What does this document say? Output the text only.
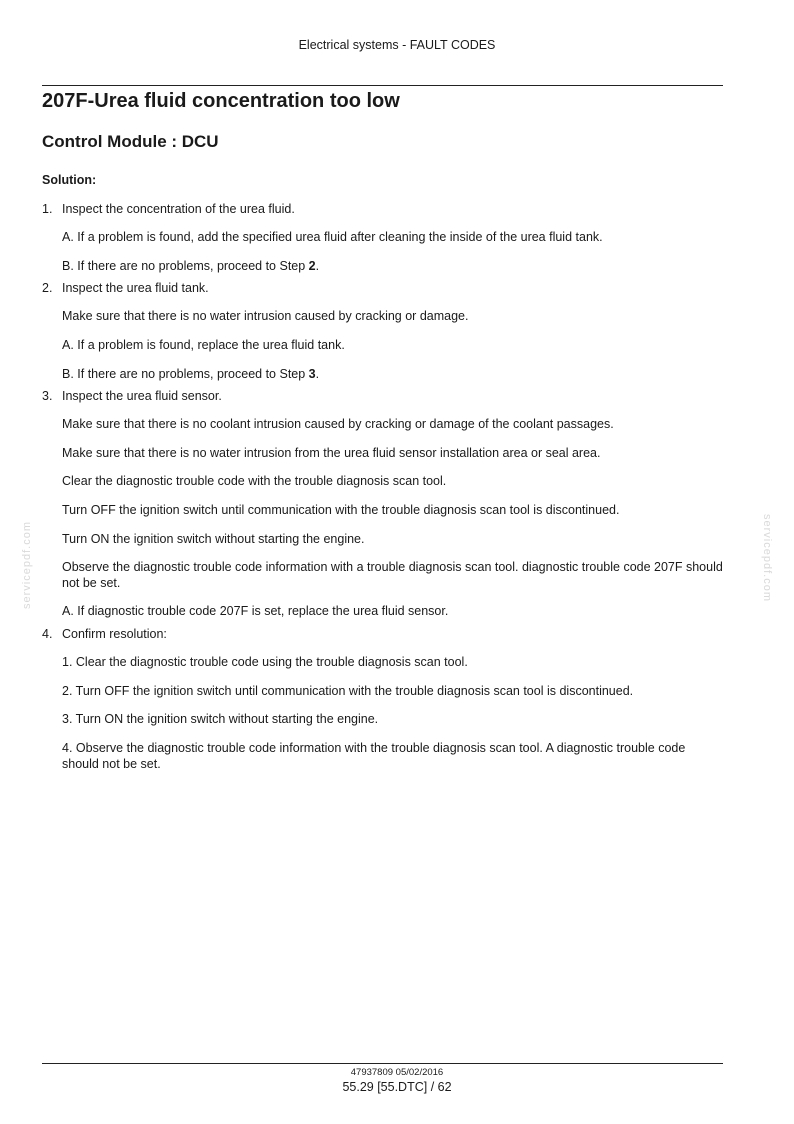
Electrical systems - FAULT CODES
207F-Urea fluid concentration too low
Control Module : DCU
Solution:
1. Inspect the concentration of the urea fluid.
A. If a problem is found, add the specified urea fluid after cleaning the inside of the urea fluid tank.
B. If there are no problems, proceed to Step 2.
2. Inspect the urea fluid tank.
Make sure that there is no water intrusion caused by cracking or damage.
A. If a problem is found, replace the urea fluid tank.
B. If there are no problems, proceed to Step 3.
3. Inspect the urea fluid sensor.
Make sure that there is no coolant intrusion caused by cracking or damage of the coolant passages.
Make sure that there is no water intrusion from the urea fluid sensor installation area or seal area.
Clear the diagnostic trouble code with the trouble diagnosis scan tool.
Turn OFF the ignition switch until communication with the trouble diagnosis scan tool is discontinued.
Turn ON the ignition switch without starting the engine.
Observe the diagnostic trouble code information with a trouble diagnosis scan tool. diagnostic trouble code 207F should not be set.
A. If diagnostic trouble code 207F is set, replace the urea fluid sensor.
4. Confirm resolution:
1. Clear the diagnostic trouble code using the trouble diagnosis scan tool.
2. Turn OFF the ignition switch until communication with the trouble diagnosis scan tool is discontinued.
3. Turn ON the ignition switch without starting the engine.
4. Observe the diagnostic trouble code information with the trouble diagnosis scan tool. A diagnostic trouble code should not be set.
servicepdf.com	servicepdf.com
47937809 05/02/2016
55.29 [55.DTC] / 62
